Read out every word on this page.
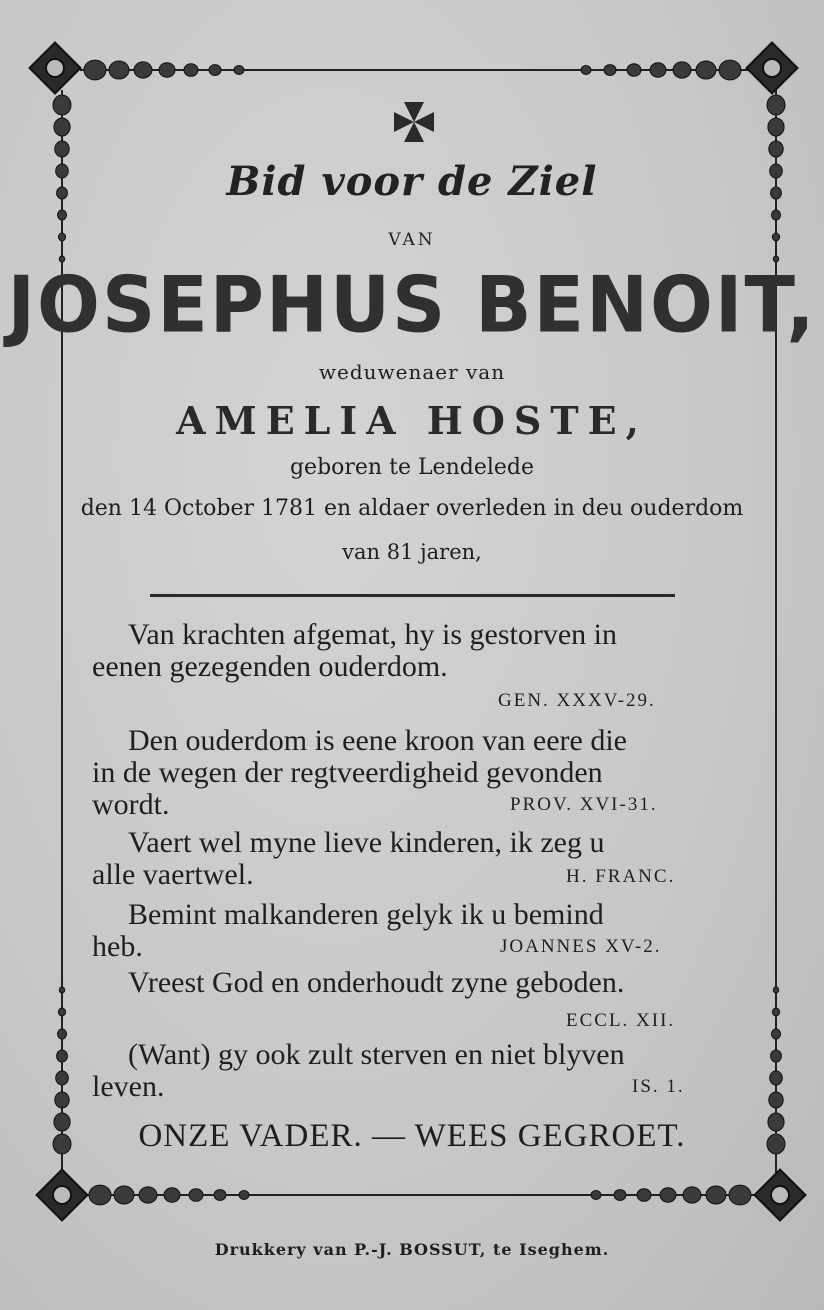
Bid voor de Ziel
VAN
JOSEPHUS BENOIT,
weduwenaer van
AMELIA HOSTE,
geboren te Lendelede
den 14 October 1781 en aldaer overleden in deu ouderdom
van 81 jaren,
Van krachten afgemat, hy is gestorven in
eenen gezegenden ouderdom.
GEN. XXXV-29.
Den ouderdom is eene kroon van eere die
in de wegen der regtveerdigheid gevonden
wordt.	PROV. XVI-31.
Vaert wel myne lieve kinderen, ik zeg u
alle vaertwel.	H. FRANC.
Bemint malkanderen gelyk ik u bemind
heb.	JOANNES XV-2.
Vreest God en onderhoudt zyne geboden.
ECCL. XII.
(Want) gy ook zult sterven en niet blyven
leven.	IS. 1.
ONZE VADER. — WEES GEGROET.
Drukkery van P.-J. BOSSUT, te Iseghem.
